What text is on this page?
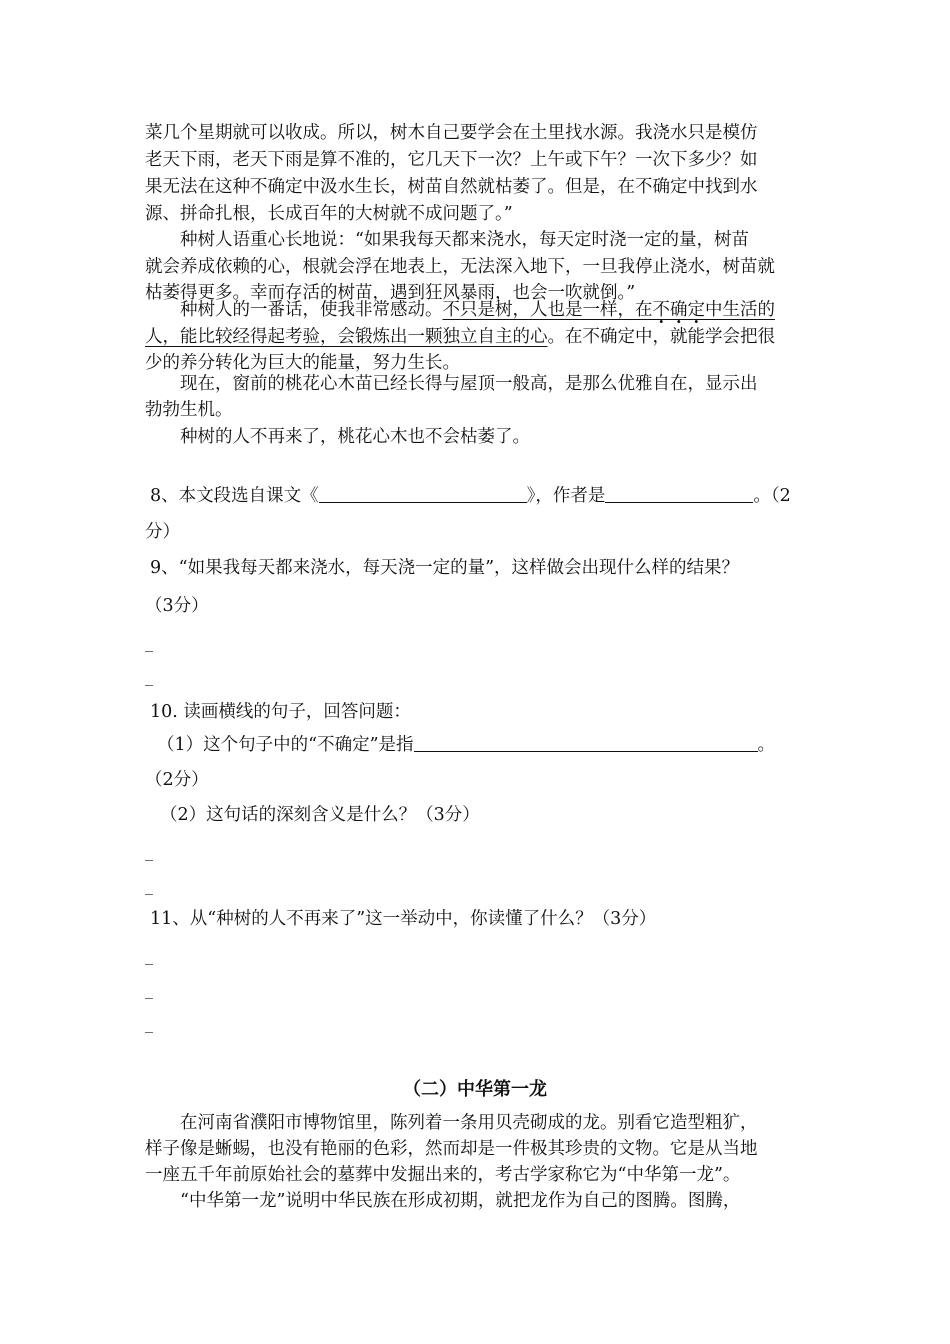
菜几个星期就可以收成。所以，树木自己要学会在土里找水源。我浇水只是模仿
老天下雨，老天下雨是算不准的，它几天下一次？上午或下午？一次下多少？如
果无法在这种不确定中汲水生长，树苗自然就枯萎了。但是，在不确定中找到水
源、拼命扎根，长成百年的大树就不成问题了。”
种树人语重心长地说：“如果我每天都来浇水，每天定时浇一定的量，树苗
就会养成依赖的心，根就会浮在地表上，无法深入地下，一旦我停止浇水，树苗就
枯萎得更多。幸而存活的树苗，遇到狂风暴雨，也会一吹就倒。”
种树人的一番话，使我非常感动。不只是树，人也是一样，在不确定中生活的
人，能比较经得起考验，会锻炼出一颗独立自主的心。在不确定中，就能学会把很
少的养分转化为巨大的能量，努力生长。
现在，窗前的桃花心木苗已经长得与屋顶一般高，是那么优雅自在，显示出
勃勃生机。
种树的人不再来了，桃花心木也不会枯萎了。
8、本文段选自课文《	》，作者是	。（2
分）
9、“如果我每天都来浇水，每天浇一定的量”，这样做会出现什么样的结果？
（3分）
_
_
10. 读画横线的句子，回答问题：
（1）这个句子中的“不确定”是指	。
（2分）
（2）这句话的深刻含义是什么？（3分）
_
_
11、从“种树的人不再来了”这一举动中，你读懂了什么？（3分）
_
_
_
（二）中华第一龙
在河南省濮阳市博物馆里，陈列着一条用贝壳砌成的龙。别看它造型粗犷，
样子像是蜥蜴，也没有艳丽的色彩，然而却是一件极其珍贵的文物。它是从当地
一座五千年前原始社会的墓葬中发掘出来的，考古学家称它为“中华第一龙”。
“中华第一龙”说明中华民族在形成初期，就把龙作为自己的图腾。图腾，
